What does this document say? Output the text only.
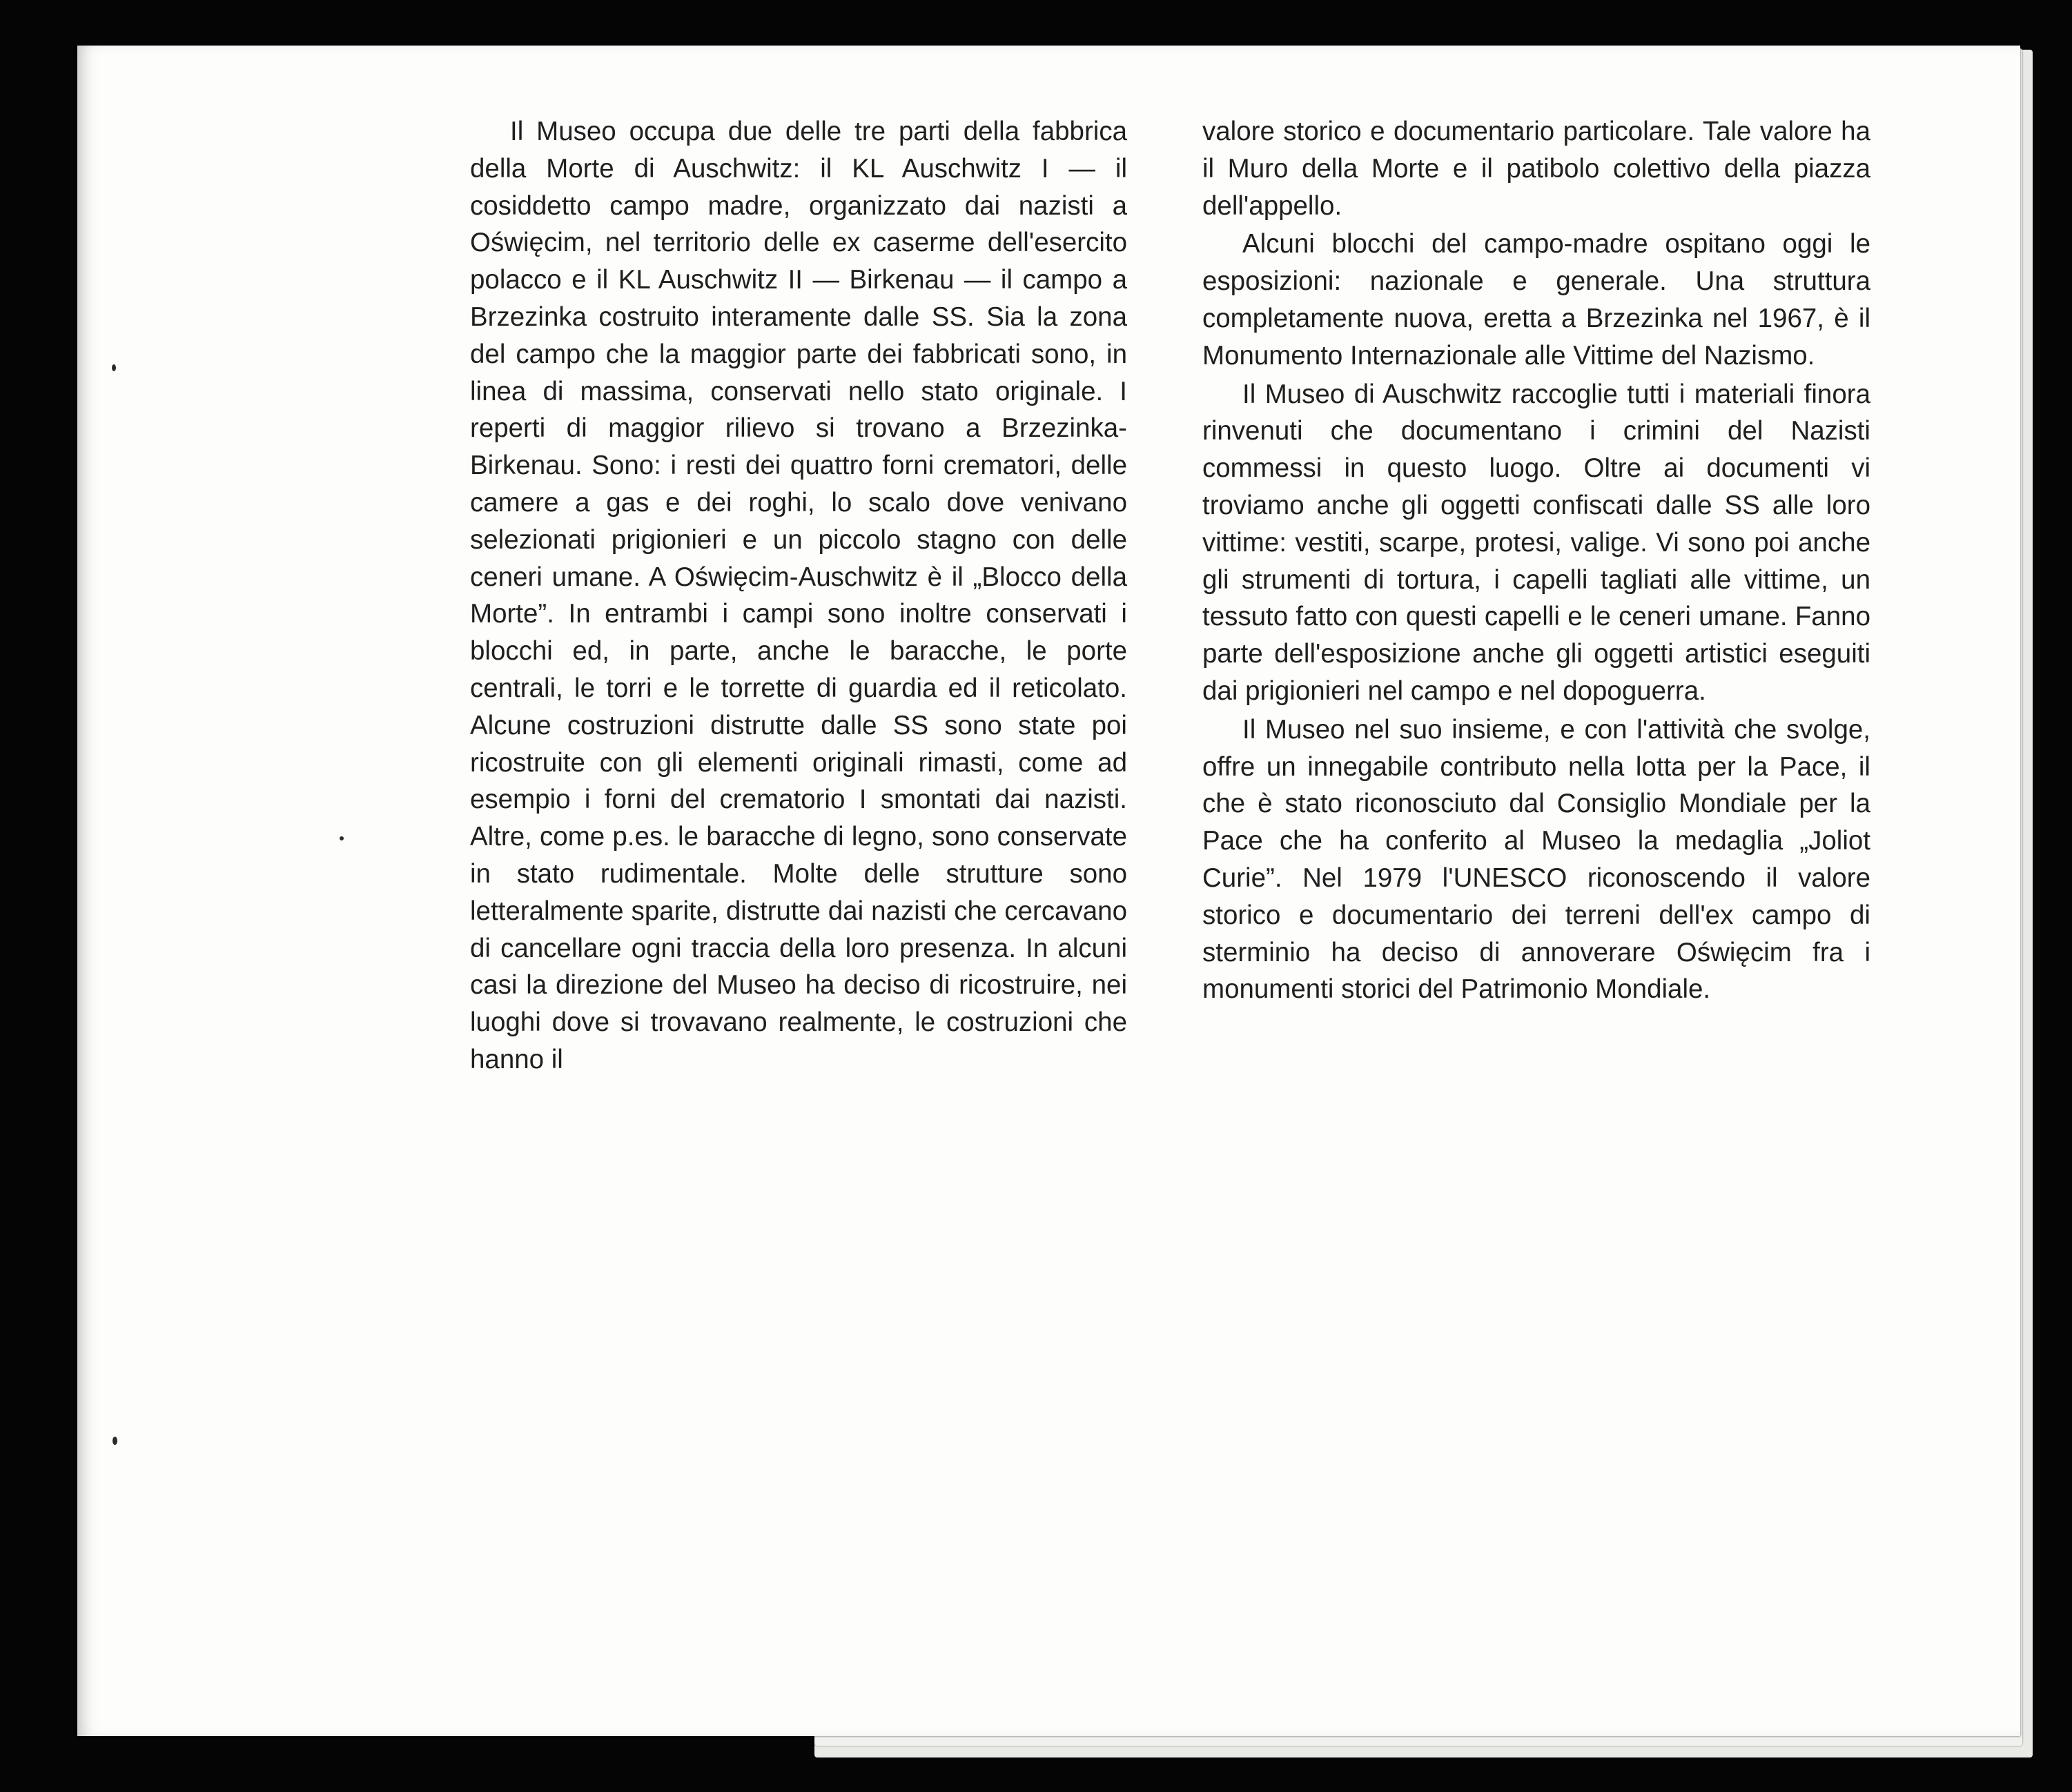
Il Museo occupa due delle tre parti della fabbrica della Morte di Auschwitz: il KL Auschwitz I — il cosiddetto campo madre, organizzato dai nazisti a Oświęcim, nel territorio delle ex caserme dell'esercito polacco e il KL Auschwitz II — Birkenau — il campo a Brzezinka costruito interamente dalle SS. Sia la zona del campo che la maggior parte dei fabbricati sono, in linea di massima, conservati nello stato originale. I reperti di maggior rilievo si trovano a Brzezinka-Birkenau. Sono: i resti dei quattro forni crematori, delle camere a gas e dei roghi, lo scalo dove venivano selezionati prigionieri e un piccolo stagno con delle ceneri umane. A Oświęcim-Auschwitz è il „Blocco della Morte”. In entrambi i campi sono inoltre conservati i blocchi ed, in parte, anche le baracche, le porte centrali, le torri e le torrette di guardia ed il reticolato. Alcune costruzioni distrutte dalle SS sono state poi ricostruite con gli elementi originali rimasti, come ad esempio i forni del crematorio I smontati dai nazisti. Altre, come p.es. le baracche di legno, sono conservate in stato rudimentale. Molte delle strutture sono letteralmente sparite, distrutte dai nazisti che cercavano di cancellare ogni traccia della loro presenza. In alcuni casi la direzione del Museo ha deciso di ricostruire, nei luoghi dove si trovavano realmente, le costruzioni che hanno il

valore storico e documentario particolare. Tale valore ha il Muro della Morte e il patibolo colettivo della piazza dell'appello.

Alcuni blocchi del campo-madre ospitano oggi le esposizioni: nazionale e generale. Una struttura completamente nuova, eretta a Brzezinka nel 1967, è il Monumento Internazionale alle Vittime del Nazismo.

Il Museo di Auschwitz raccoglie tutti i materiali finora rinvenuti che documentano i crimini del Nazisti commessi in questo luogo. Oltre ai documenti vi troviamo anche gli oggetti confiscati dalle SS alle loro vittime: vestiti, scarpe, protesi, valige. Vi sono poi anche gli strumenti di tortura, i capelli tagliati alle vittime, un tessuto fatto con questi capelli e le ceneri umane. Fanno parte dell'esposizione anche gli oggetti artistici eseguiti dai prigionieri nel campo e nel dopoguerra.

Il Museo nel suo insieme, e con l'attività che svolge, offre un innegabile contributo nella lotta per la Pace, il che è stato riconosciuto dal Consiglio Mondiale per la Pace che ha conferito al Museo la medaglia „Joliot Curie”. Nel 1979 l'UNESCO riconoscendo il valore storico e documentario dei terreni dell'ex campo di sterminio ha deciso di annoverare Oświęcim fra i monumenti storici del Patrimonio Mondiale.
